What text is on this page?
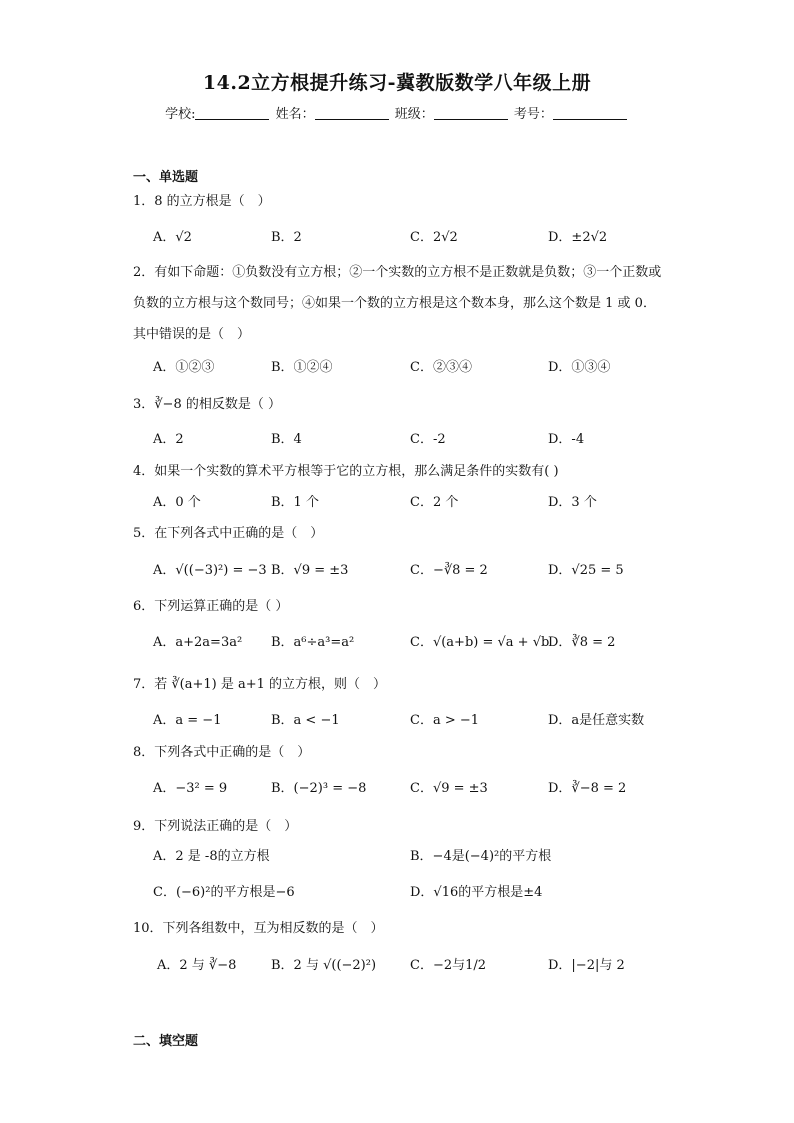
14.2立方根提升练习-冀教版数学八年级上册
学校:	姓名：	班级：	考号：
一、单选题
1．8 的立方根是（　）
A．√2	B．2	C．2√2	D．±2√2
2．有如下命题：①负数没有立方根；②一个实数的立方根不是正数就是负数；③一个正数或负数的立方根与这个数同号；④如果一个数的立方根是这个数本身，那么这个数是 1 或 0．其中错误的是（　）
A．①②③	B．①②④	C．②③④	D．①③④
3．∛−8 的相反数是（ ）
A．2	B．4	C．-2	D．-4
4．如果一个实数的算术平方根等于它的立方根，那么满足条件的实数有( )
A．0 个	B．1 个	C．2 个	D．3 个
5．在下列各式中正确的是（　）
A．√((−3)²) = −3 B．√9 = ±3	C．−∛8 = 2	D．√25 = 5
6．下列运算正确的是（ ）
A．a+2a=3a² B．a⁶÷a³=a²	C．√(a+b) = √a + √b
D．∛8 = 2
7．若 ∛(a+1) 是 a+1 的立方根，则（　）
A．a = −1	B．a < −1	C．a > −1	D．a是任意实数
8．下列各式中正确的是（　）
A．−3² = 9	B．(−2)³ = −8	C．√9 = ±3	D．∛−8 = 2
9．下列说法正确的是（　）
A．2 是 -8的立方根	B．−4是(−4)²的平方根
C．(−6)²的平方根是−6	D．√16的平方根是±4
10．下列各组数中，互为相反数的是（　）
A．2 与 ∛−8	B．2 与 √((−2)²)	C．−2与1/2	D．|−2|与 2
二、填空题
